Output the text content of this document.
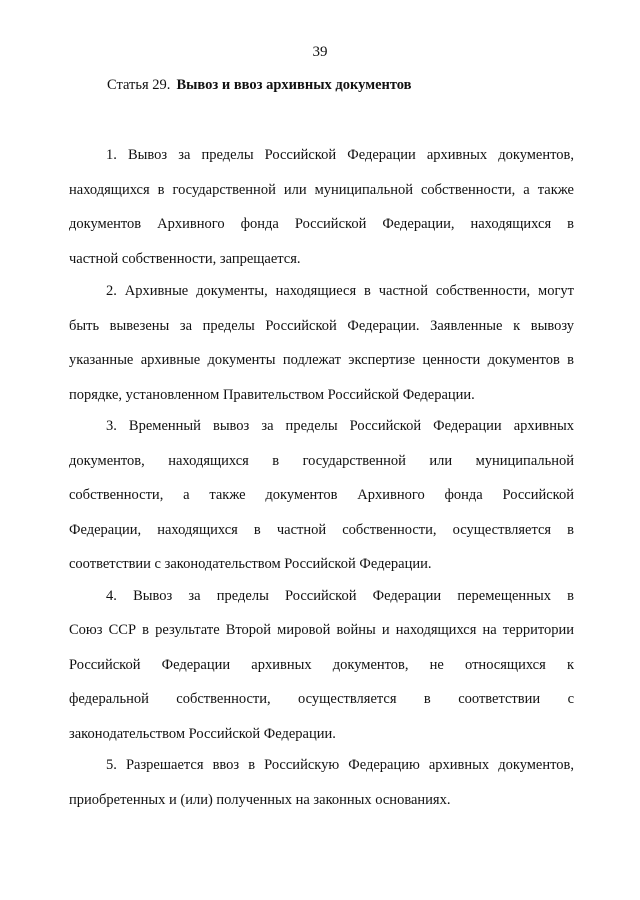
39
Статья 29. Вывоз и ввоз архивных документов
1. Вывоз за пределы Российской Федерации архивных документов,
находящихся в государственной или муниципальной собственности, а также
документов Архивного фонда Российской Федерации, находящихся в
частной собственности, запрещается.
2. Архивные документы, находящиеся в частной собственности, могут
быть вывезены за пределы Российской Федерации. Заявленные к вывозу
указанные архивные документы подлежат экспертизе ценности документов в
порядке, установленном Правительством Российской Федерации.
3. Временный вывоз за пределы Российской Федерации архивных
документов, находящихся в государственной или муниципальной
собственности, а также документов Архивного фонда Российской
Федерации, находящихся в частной собственности, осуществляется в
соответствии с законодательством Российской Федерации.
4. Вывоз за пределы Российской Федерации перемещенных в
Союз ССР в результате Второй мировой войны и находящихся на территории
Российской Федерации архивных документов, не относящихся к
федеральной собственности, осуществляется в соответствии с
законодательством Российской Федерации.
5. Разрешается ввоз в Российскую Федерацию архивных документов,
приобретенных и (или) полученных на законных основаниях.
